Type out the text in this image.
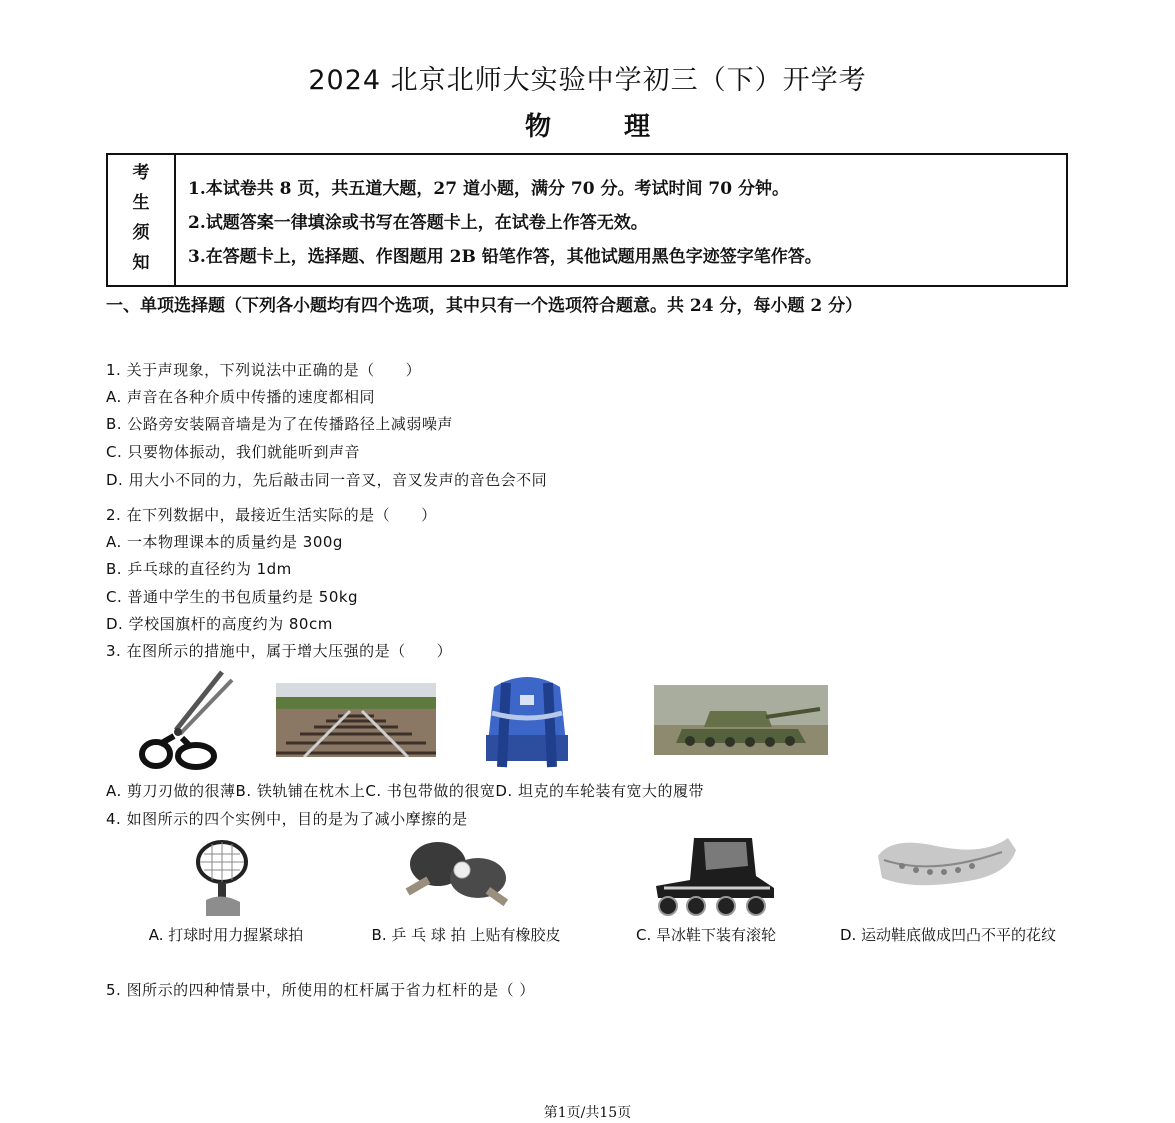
2024 北京北师大实验中学初三（下）开学考
物	理
考
生
须
知
1.本试卷共 8 页，共五道大题，27 道小题，满分 70 分。考试时间 70 分钟。
2.试题答案一律填涂或书写在答题卡上，在试卷上作答无效。
3.在答题卡上，选择题、作图题用 2B 铅笔作答，其他试题用黑色字迹签字笔作答。
一、单项选择题（下列各小题均有四个选项，其中只有一个选项符合题意。共 24 分，每小题 2 分）
1. 关于声现象，下列说法中正确的是（　　）
A. 声音在各种介质中传播的速度都相同
B. 公路旁安装隔音墙是为了在传播路径上减弱噪声
C. 只要物体振动，我们就能听到声音
D. 用大小不同的力，先后敲击同一音叉，音叉发声的音色会不同
2. 在下列数据中，最接近生活实际的是（　　）
A. 一本物理课本的质量约是 300g
B. 乒乓球的直径约为 1dm
C. 普通中学生的书包质量约是 50kg
D. 学校国旗杆的高度约为 80cm
3. 在图所示的措施中，属于增大压强的是（　　）
A. 剪刀刃做的很薄B. 铁轨铺在枕木上C. 书包带做的很宽D. 坦克的车轮装有宽大的履带
4. 如图所示的四个实例中，目的是为了减小摩擦的是
A. 打球时用力握紧球拍	B. 乒 乓 球 拍 上贴有橡胶皮	C. 旱冰鞋下装有滚轮	D. 运动鞋底做成凹凸不平的花纹
5. 图所示的四种情景中，所使用的杠杆属于省力杠杆的是（ ）
第1页/共15页
